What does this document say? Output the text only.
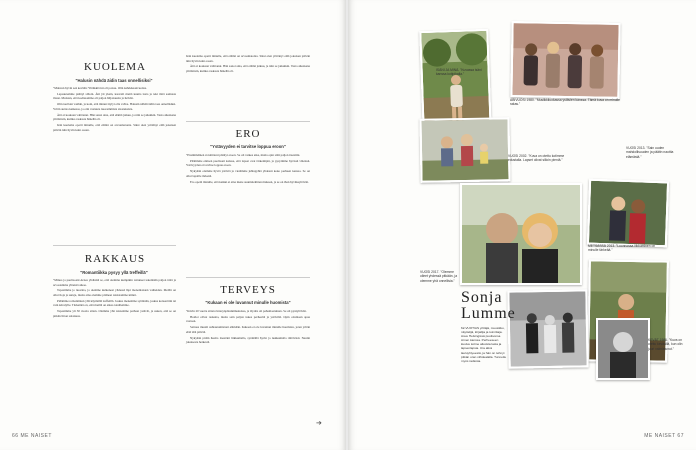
KUOLEMA
"Halusin nähdä äidin taas onnellisiksi"

"Muistan hyvin sen kevään: Yhtäkkiä isä oli poissa. Olin kahdeksanvuotias.

Lapsuutemme päättyi silloin. Äiti jäi yksin, kasvatti meitä kuutta lasta ja teki töitä aamusta iltaan. Muistan, että kodissamme oli paljon hiljaisuutta ja ikävää.

Olin tuolloin vanhin, ja koin, että minun täytyi olla vahva. Halusin nähdä äidin taas onnellisiksi. Yritin auttaa kaikessa, ja otin vastuuta nuoremmista sisaruksista.

Äiti ei koskaan valittanut. Hän sanoi aina, että elämä jatkuu, ja niin se jatkuikin. Vasta aikuisena ymmärsin, kuinka raskasta hänellä oli.

Isän kuolema opetti minulle, että elämä on arvaamatonta. Siksi olen yrittänyt elää jokaisen päivän niin hyvin kuin osaan.

RAKKAUS
"Romantiikka pysyy yllä treffeillä"

"Minua ja puolisoani Arnea yhdistää se, että olemme kumpikin tottuneet tekemään paljon töitä ja arvostamme yhteistä aikaa.

Tapasimme jo nuorina, ja olemme kulkeneet yhdessä läpi monenlaisten vaiheiden. Meillä on ollut iloja ja suruja, mutta aina olemme pitäneet toisistamme kiinni.

Pidämme romantiikan yllä käymällä treffeillä. Joskus menemme syömään, joskus konserttiin tai vain kävelylle. Tärkeintä on, että meillä on aikaa toisillemme.

Tapasimme yli 30 vuotta sitten. Olemme yhä toistemme parhaat ystävät, ja uskon, että se on pitkän liiton salaisuus.

Isän kuolema opetti minulle, että elämä on arvaamatonta. Siksi olen yrittänyt elää jokaisen päivän niin hyvin kuin osaan.

Äiti ei koskaan valittanut. Hän sanoi aina, että elämä jatkuu, ja niin se jatkuikin. Vasta aikuisena ymmärsin, kuinka raskasta hänellä oli.

ERO
"Ystävyyden ei tarvitse loppua eroon"

"Ensimmäinen avioliittoni päättyi eroon. Se oli vaikea aika, mutta opin siitä paljon itsestäni.

Päätimme entisen puolisoni kanssa, että lapset ovat tärkeimpiä, ja pysyimme hyvissä väleissä. Ystävyyden ei tarvitse loppua eroon.

Nykyään olemme hyviä ystäviä ja vietämme juhlapyhiä yhdessä koko perheen kanssa. Se on ollut lapsille tärkeää.

Ero opetti minulle, että kaikki ei aina mene suunnitelmien mukaan, ja se on ihan hyväksyttävää.

TERVEYS
"Kukaan ei ole luvannut minulle huomista"

"Kävin 20 vuotta sitten rintasyöpätutkimuksissa, ja löydös oli pahanlaatuinen. Se oli pysäyttävää.

Hoidot olivat raskaita, mutta sain paljon tukea perheeltä ja ystäviltä. Opin ottamaan apua vastaan.

Sairaus muutti suhtautumistani elämään. Kukaan ei ole luvannut minulle huomista, joten yritän elää tätä päivää.

Nykyään pidän huolta itsestäni liikkumalla, syömällä hyvin ja nukkumalla riittävästi. Nautin jokaisesta hetkestä.

➔
66 ME NAISET
ISÄNI JA MINÄ. "Kuvassa isäni kanssa kotipihalla."
ABIVUOSI 1980. "Musiikkiluokassa ystävien kanssa. Tämä kuva on minulle rakas."
VUOSI 2002. "Kuva on otettu kotimme edustalla. Lapset olivat silloin pieniä."
VUOSI 2013. "Sain uuden mahdollisuuden ja päätin nauttia elämästä."
VUOSI 2017. "Olemme olleet yhdessä pitkään, ja olemme yhä onnellisia."
METSÄSSÄ 2013. "Luonnossa liikkuminen on minulle tärkeää."
KEVÄT 1986. "Kuva on otettu keväällä, kun olin juuri valmistunut."
Sonja
Lumme
62-VUOTIAS yrittäjä, muusikko, näyttelijä, kirjailija ja toimittaja. Asuu Helsingissä puolisonsa Arnen kanssa. Perheeseen kuuluu kolme aikuista lasta ja lapsenlapsia. Ura alkoi lauluyhtyeestä, ja hän on tehnyt pitkän uran viihdealalla. Tunnettu myös radiosta.
ME NAISET 67
